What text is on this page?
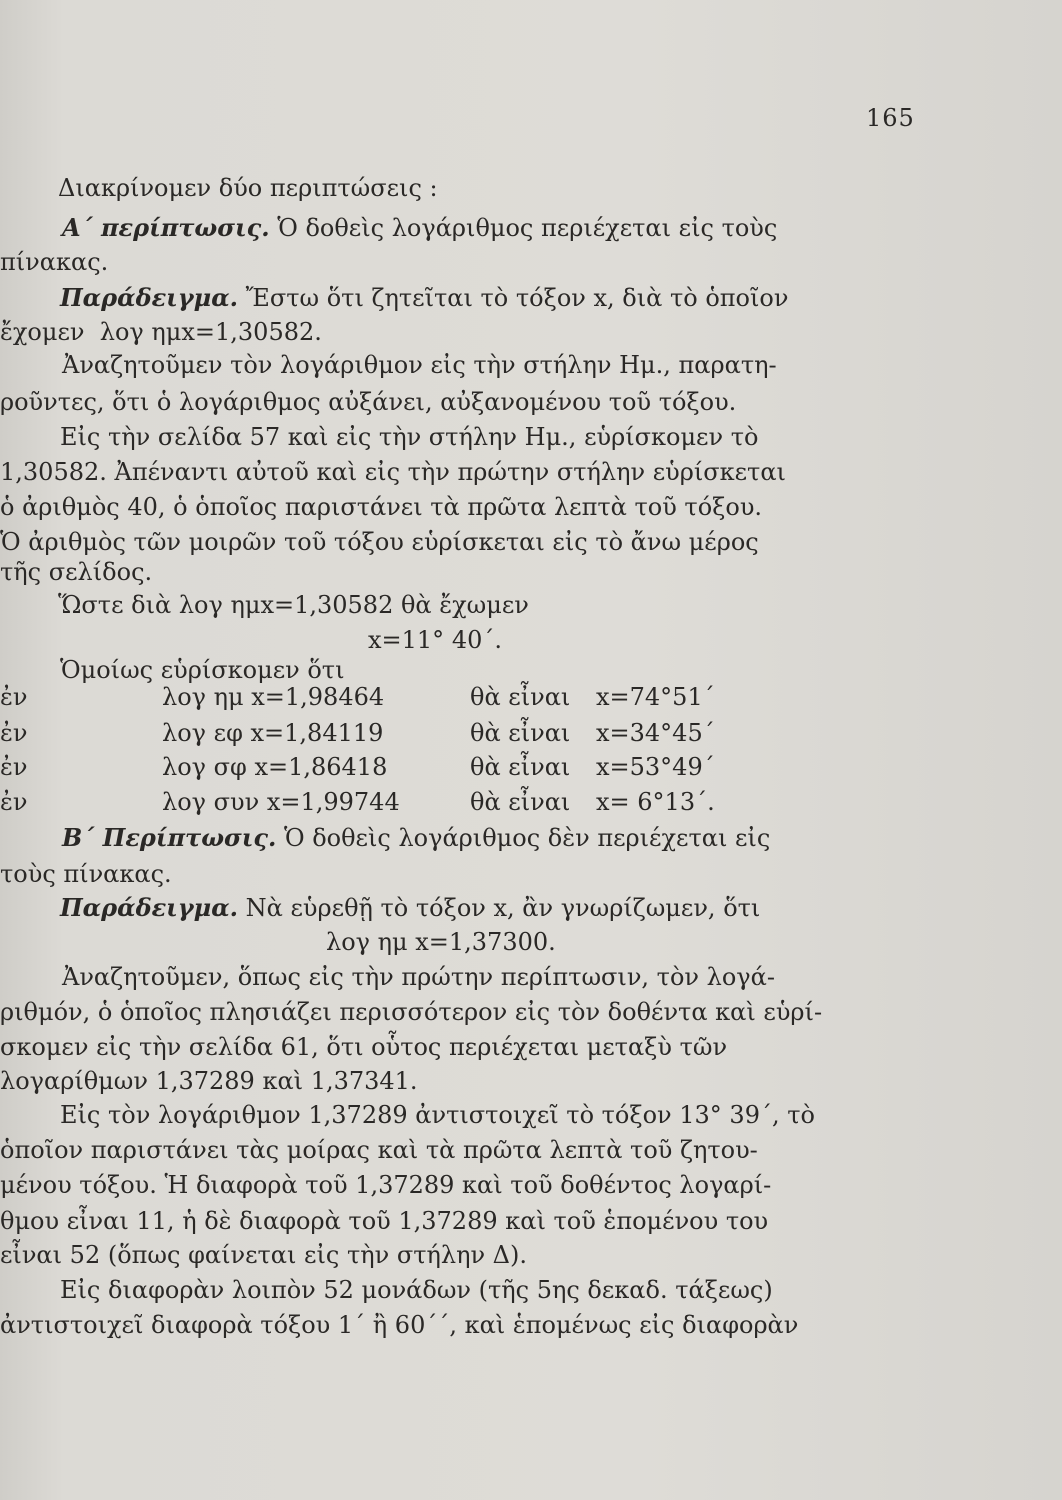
165
Διακρίνομεν δύο περιπτώσεις :
Α΄ περίπτωσις. Ὁ δοθεὶς λογάριθμος περιέχεται εἰς τοὺς
πίνακας.
Παράδειγμα. Ἔστω ὅτι ζητεῖται τὸ τόξον x, διὰ τὸ ὁποῖον
ἔχομεν  λογ ημx=1,30582.
Ἀναζητοῦμεν τὸν λογάριθμον εἰς τὴν στήλην Ημ., παρατη-
ροῦντες, ὅτι ὁ λογάριθμος αὐξάνει, αὐξανομένου τοῦ τόξου.
Εἰς τὴν σελίδα 57 καὶ εἰς τὴν στήλην Ημ., εὑρίσκομεν τὸ
1,30582. Ἀπέναντι αὐτοῦ καὶ εἰς τὴν πρώτην στήλην εὑρίσκεται
ὁ ἀριθμὸς 40, ὁ ὁποῖος παριστάνει τὰ πρῶτα λεπτὰ τοῦ τόξου.
Ὁ ἀριθμὸς τῶν μοιρῶν τοῦ τόξου εὑρίσκεται εἰς τὸ ἄνω μέρος
τῆς σελίδος.
Ὥστε διὰ λογ ημx=1,30582 θὰ ἔχωμεν
x=11° 40΄.
Ὁμοίως εὑρίσκομεν ὅτι
ἐν	λογ ημ x=1,98464	θὰ εἶναι x=74°51΄
ἐν	λογ εφ x=1,84119	θὰ εἶναι x=34°45΄
ἐν	λογ σφ x=1,86418	θὰ εἶναι x=53°49΄
ἐν	λογ συν x=1,99744	θὰ εἶναι x= 6°13΄.
Β΄ Περίπτωσις. Ὁ δοθεὶς λογάριθμος δὲν περιέχεται εἰς
τοὺς πίνακας.
Παράδειγμα. Νὰ εὑρεθῇ τὸ τόξον x, ἂν γνωρίζωμεν, ὅτι
λογ ημ x=1,37300.
Ἀναζητοῦμεν, ὅπως εἰς τὴν πρώτην περίπτωσιν, τὸν λογά-
ριθμόν, ὁ ὁποῖος πλησιάζει περισσότερον εἰς τὸν δοθέντα καὶ εὑρί-
σκομεν εἰς τὴν σελίδα 61, ὅτι οὗτος περιέχεται μεταξὺ τῶν
λογαρίθμων 1,37289 καὶ 1,37341.
Εἰς τὸν λογάριθμον 1,37289 ἀντιστοιχεῖ τὸ τόξον 13° 39΄, τὸ
ὁποῖον παριστάνει τὰς μοίρας καὶ τὰ πρῶτα λεπτὰ τοῦ ζητου-
μένου τόξου. Ἡ διαφορὰ τοῦ 1,37289 καὶ τοῦ δοθέντος λογαρί-
θμου εἶναι 11, ἡ δὲ διαφορὰ τοῦ 1,37289 καὶ τοῦ ἑπομένου του
εἶναι 52 (ὅπως φαίνεται εἰς τὴν στήλην Δ).
Εἰς διαφορὰν λοιπὸν 52 μονάδων (τῆς 5ης δεκαδ. τάξεως)
ἀντιστοιχεῖ διαφορὰ τόξου 1΄ ἢ 60΄΄, καὶ ἑπομένως εἰς διαφορὰν
